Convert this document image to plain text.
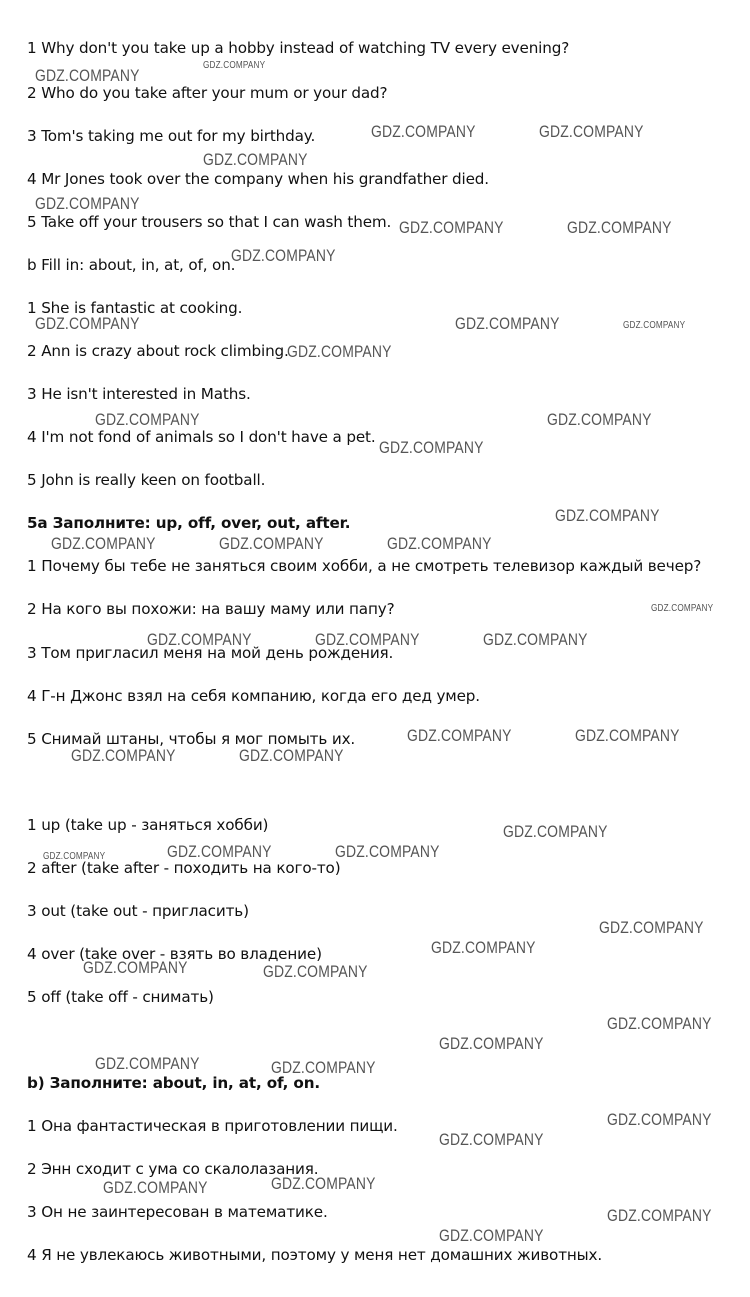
1 Why don't you take up a hobby instead of watching TV every evening?

2 Who do you take after your mum or your dad?

3 Tom's taking me out for my birthday.

4 Mr Jones took over the company when his grandfather died.

5 Take off your trousers so that I can wash them.

b Fill in: about, in, at, of, on.

1 She is fantastic at cooking.

2 Ann is crazy about rock climbing.

3 He isn't interested in Maths.

4 I'm not fond of animals so I don't have a pet.

5 John is really keen on football.

5а Заполните: up, off, over, out, after.

1 Почему бы тебе не заняться своим хобби, а не смотреть телевизор каждый вечер?

2 На кого вы похожи: на вашу маму или папу?

3 Том пригласил меня на мой день рождения.

4 Г-н Джонс взял на себя компанию, когда его дед умер.

5 Снимай штаны, чтобы я мог помыть их.

1 up (take up - заняться хобби)

2 after (take after - походить на кого-то)

3 out (take out - пригласить)

4 over (take over - взять во владение)

5 off (take off - снимать)

b) Заполните: about, in, at, of, on.

1 Она фантастическая в приготовлении пищи.

2 Энн сходит с ума со скалолазания.

3 Он не заинтересован в математике.

4 Я не увлекаюсь животными, поэтому у меня нет домашних животных.

GDZ.COMPANY
GDZ.COMPANY
GDZ.COMPANY	GDZ.COMPANY
GDZ.COMPANY
GDZ.COMPANY
GDZ.COMPANY	GDZ.COMPANY
GDZ.COMPANY
GDZ.COMPANY	GDZ.COMPANY	GDZ.COMPANY
GDZ.COMPANY
GDZ.COMPANY	GDZ.COMPANY
GDZ.COMPANY
GDZ.COMPANY
GDZ.COMPANY	GDZ.COMPANY	GDZ.COMPANY
GDZ.COMPANY
GDZ.COMPANY	GDZ.COMPANY	GDZ.COMPANY
GDZ.COMPANY	GDZ.COMPANY
GDZ.COMPANY	GDZ.COMPANY
GDZ.COMPANY
GDZ.COMPANY	GDZ.COMPANY	GDZ.COMPANY
GDZ.COMPANY
GDZ.COMPANY
GDZ.COMPANY	GDZ.COMPANY
GDZ.COMPANY
GDZ.COMPANY
GDZ.COMPANY	GDZ.COMPANY
GDZ.COMPANY
GDZ.COMPANY
GDZ.COMPANY
GDZ.COMPANY
GDZ.COMPANY
GDZ.COMPANY
